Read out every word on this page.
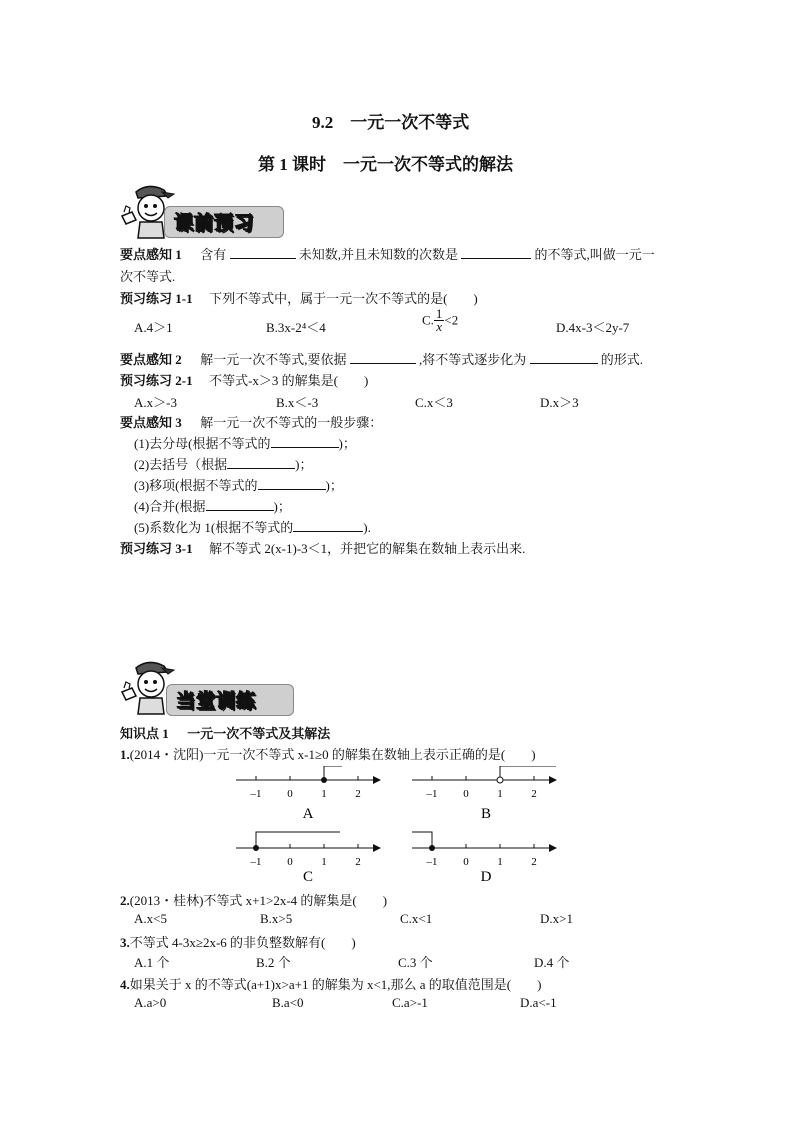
9.2　一元一次不等式
第 1 课时　一元一次不等式的解法
课前预习
要点感知 1 含有	未知数,并且未知数的次数是	的不等式,叫做一元一
次不等式.
预习练习 1-1 下列不等式中，属于一元一次不等式的是(　　)
A.4＞1	B.3x-2⁴＜4	C. $\frac{1}{x} <2$	D.4x-3＜2y-7
要点感知 2 解一元一次不等式,要依据	,将不等式逐步化为	的形式.
预习练习 2-1 不等式-x＞3 的解集是(　　)
A.x＞-3	B.x＜-3	C.x＜3	D.x＞3
要点感知 3 解一元一次不等式的一般步骤：
(1)去分母(根据不等式的	)；
(2)去括号（根据	)；
(3)移项(根据不等式的	)；
(4)合并(根据	)；
(5)系数化为 1(根据不等式的	).
预习练习 3-1 解不等式 2(x-1)-3＜1，并把它的解集在数轴上表示出来.
当堂训练
知识点 1 一元一次不等式及其解法
1.(2014・沈阳)一元一次不等式 x-1≥0 的解集在数轴上表示正确的是(　　)
–1 0	1	2
A
–1 0	1	2
B
–1 0	1	2
C
–1 0	1	2
D
2.(2013・桂林)不等式 x+1>2x-4 的解集是(　　)
A.x<5	B.x>5	C.x<1	D.x>1
3.不等式 4-3x≥2x-6 的非负整数解有(　　)
A.1 个	B.2 个	C.3 个	D.4 个
4.如果关于 x 的不等式(a+1)x>a+1 的解集为 x<1,那么 a 的取值范围是(　　)
A.a>0	B.a<0	C.a>-1	D.a<-1
